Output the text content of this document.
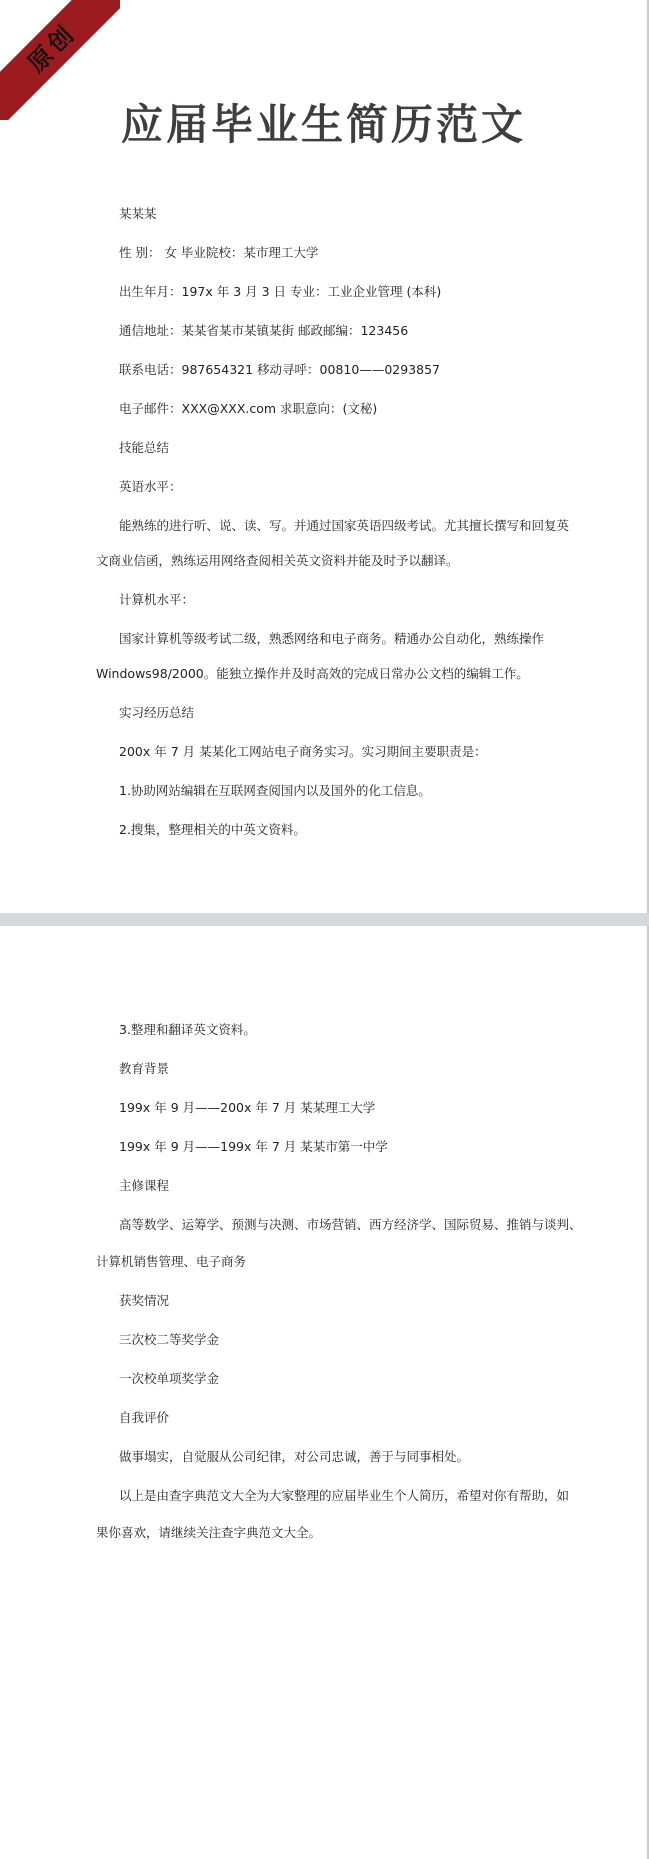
原创
应届毕业生简历范文
某某某
性 别： 女 毕业院校：某市理工大学
出生年月：197x 年 3 月 3 日 专业：工业企业管理 (本科)
通信地址：某某省某市某镇某街 邮政邮编：123456
联系电话：987654321 移动寻呼：00810——0293857
电子邮件：XXX@XXX.com 求职意向：(文秘)
技能总结
英语水平：
能熟练的进行听、说、读、写。并通过国家英语四级考试。尤其擅长撰写和回复英
文商业信函，熟练运用网络查阅相关英文资料并能及时予以翻译。
计算机水平：
国家计算机等级考试二级，熟悉网络和电子商务。精通办公自动化，熟练操作
Windows98/2000。能独立操作并及时高效的完成日常办公文档的编辑工作。
实习经历总结
200x 年 7 月 某某化工网站电子商务实习。实习期间主要职责是：
1.协助网站编辑在互联网查阅国内以及国外的化工信息。
2.搜集，整理相关的中英文资料。
3.整理和翻译英文资料。
教育背景
199x 年 9 月——200x 年 7 月 某某理工大学
199x 年 9 月——199x 年 7 月 某某市第一中学
主修课程
高等数学、运筹学、预测与决测、市场营销、西方经济学、国际贸易、推销与谈判、
计算机销售管理、电子商务
获奖情况
三次校二等奖学金
一次校单项奖学金
自我评价
做事塌实，自觉服从公司纪律，对公司忠诚，善于与同事相处。
以上是由查字典范文大全为大家整理的应届毕业生个人简历，希望对你有帮助，如
果你喜欢，请继续关注查字典范文大全。
